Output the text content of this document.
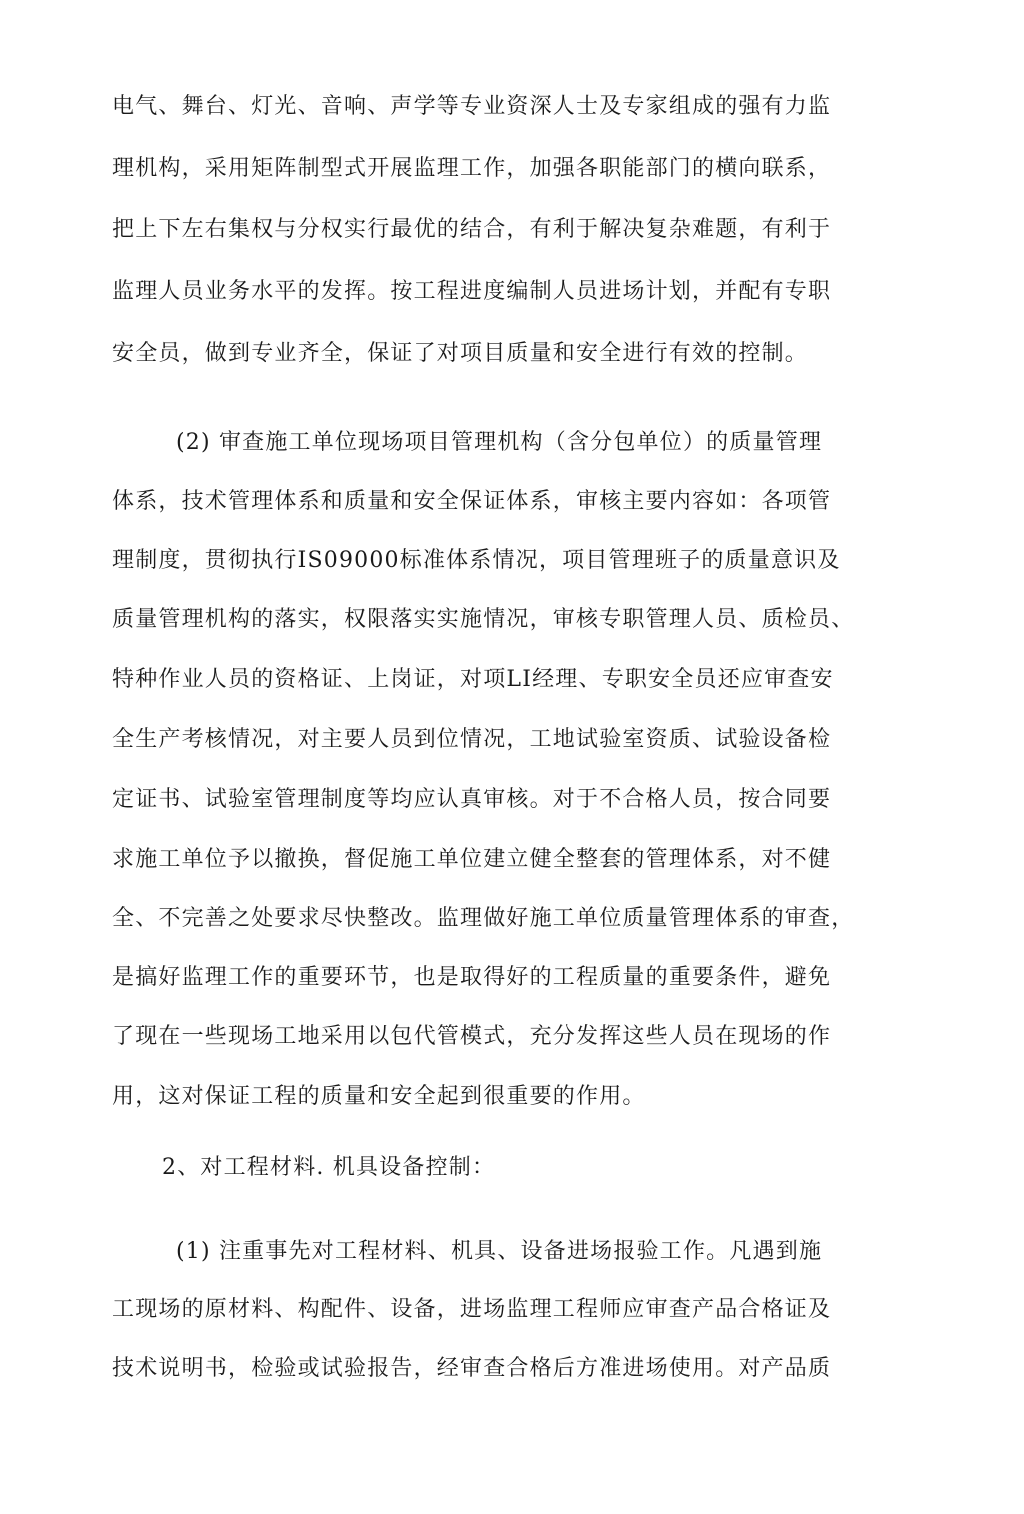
电气、舞台、灯光、音响、声学等专业资深人士及专家组成的强有力监
理机构，采用矩阵制型式开展监理工作，加强各职能部门的横向联系，
把上下左右集权与分权实行最优的结合，有利于解决复杂难题，有利于
监理人员业务水平的发挥。按工程进度编制人员进场计划，并配有专职
安全员，做到专业齐全，保证了对项目质量和安全进行有效的控制。
(2) 审查施工单位现场项目管理机构（含分包单位）的质量管理
体系，技术管理体系和质量和安全保证体系，审核主要内容如：各项管
理制度，贯彻执行IS09000标准体系情况，项目管理班子的质量意识及
质量管理机构的落实，权限落实实施情况，审核专职管理人员、质检员、
特种作业人员的资格证、上岗证，对项LI经理、专职安全员还应审查安
全生产考核情况，对主要人员到位情况，工地试验室资质、试验设备检
定证书、试验室管理制度等均应认真审核。对于不合格人员，按合同要
求施工单位予以撤换，督促施工单位建立健全整套的管理体系，对不健
全、不完善之处要求尽快整改。监理做好施工单位质量管理体系的审查，
是搞好监理工作的重要环节，也是取得好的工程质量的重要条件，避免
了现在一些现场工地采用以包代管模式，充分发挥这些人员在现场的作
用，这对保证工程的质量和安全起到很重要的作用。
2、对工程材料. 机具设备控制：
(1) 注重事先对工程材料、机具、设备进场报验工作。凡遇到施
工现场的原材料、构配件、设备，进场监理工程师应审查产品合格证及
技术说明书，检验或试验报告，经审查合格后方准进场使用。对产品质
